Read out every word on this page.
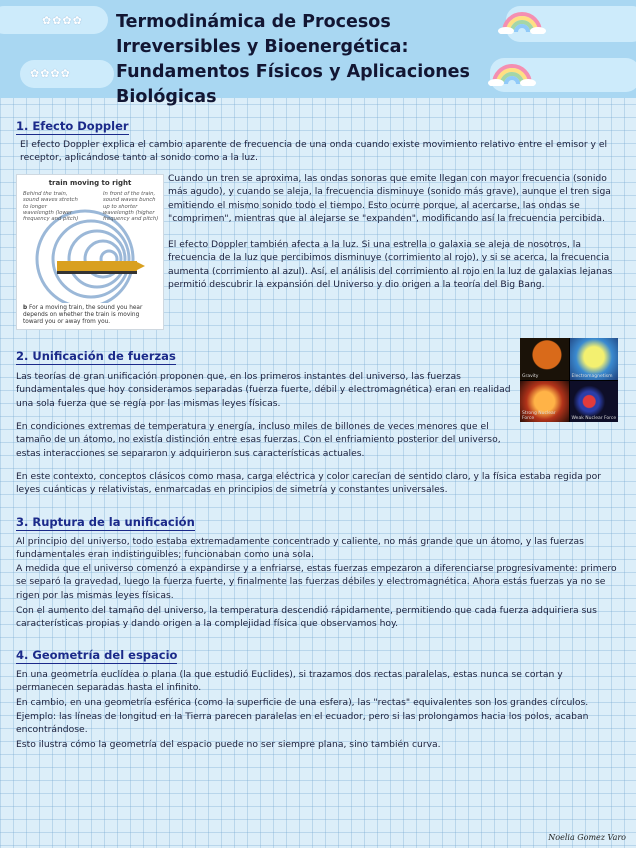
✿✿✿✿
✿✿✿✿
Termodinámica de Procesos Irreversibles y Bioenergética: Fundamentos Físicos y Aplicaciones Biológicas
1. Efecto Doppler
El efecto Doppler explica el cambio aparente de frecuencia de una onda cuando existe movimiento relativo entre el emisor y el receptor, aplicándose tanto al sonido como a la luz.
train moving to right
Behind the train, sound waves stretch to longer wavelength (lower frequency and pitch)
In front of the train, sound waves bunch up to shorter wavelength (higher frequency and pitch)
b For a moving train, the sound you hear depends on whether the train is moving toward you or away from you.
Cuando un tren se aproxima, las ondas sonoras que emite llegan con mayor frecuencia (sonido más agudo), y cuando se aleja, la frecuencia disminuye (sonido más grave), aunque el tren siga emitiendo el mismo sonido todo el tiempo. Esto ocurre porque, al acercarse, las ondas se "comprimen", mientras que al alejarse se "expanden", modificando así la frecuencia percibida.
El efecto Doppler también afecta a la luz. Si una estrella o galaxia se aleja de nosotros, la frecuencia de la luz que percibimos disminuye (corrimiento al rojo), y si se acerca, la frecuencia aumenta (corrimiento al azul). Así, el análisis del corrimiento al rojo en la luz de galaxias lejanas permitió descubrir la expansión del Universo y dio origen a la teoría del Big Bang.
2. Unificación de fuerzas
Las teorías de gran unificación proponen que, en los primeros instantes del universo, las fuerzas fundamentales que hoy consideramos separadas (fuerza fuerte, débil y electromagnética) eran en realidad una sola fuerza que se regía por las mismas leyes físicas.
En condiciones extremas de temperatura y energía, incluso miles de billones de veces menores que el tamaño de un átomo, no existía distinción entre esas fuerzas. Con el enfriamiento posterior del universo, estas interacciones se separaron y adquirieron sus características actuales.
En este contexto, conceptos clásicos como masa, carga eléctrica y color carecían de sentido claro, y la física estaba regida por leyes cuánticas y relativistas, enmarcadas en principios de simetría y constantes universales.
Gravity	Electromagnetism
Strong Nuclear Force	Weak Nuclear Force
3. Ruptura de la unificación
Al principio del universo, todo estaba extremadamente concentrado y caliente, no más grande que un átomo, y las fuerzas fundamentales eran indistinguibles; funcionaban como una sola.
A medida que el universo comenzó a expandirse y a enfriarse, estas fuerzas empezaron a diferenciarse progresivamente: primero se separó la gravedad, luego la fuerza fuerte, y finalmente las fuerzas débiles y electromagnética. Ahora estás fuerzas ya no se rigen por las mismas leyes físicas.
Con el aumento del tamaño del universo, la temperatura descendió rápidamente, permitiendo que cada fuerza adquiriera sus características propias y dando origen a la complejidad física que observamos hoy.
4. Geometría del espacio
En una geometría euclídea o plana (la que estudió Euclides), si trazamos dos rectas paralelas, estas nunca se cortan y permanecen separadas hasta el infinito.
En cambio, en una geometría esférica (como la superficie de una esfera), las "rectas" equivalentes son los grandes círculos.
Ejemplo: las líneas de longitud en la Tierra parecen paralelas en el ecuador, pero si las prolongamos hacia los polos, acaban encontrándose.
Esto ilustra cómo la geometría del espacio puede no ser siempre plana, sino también curva.
Noelia Gomez Varo
